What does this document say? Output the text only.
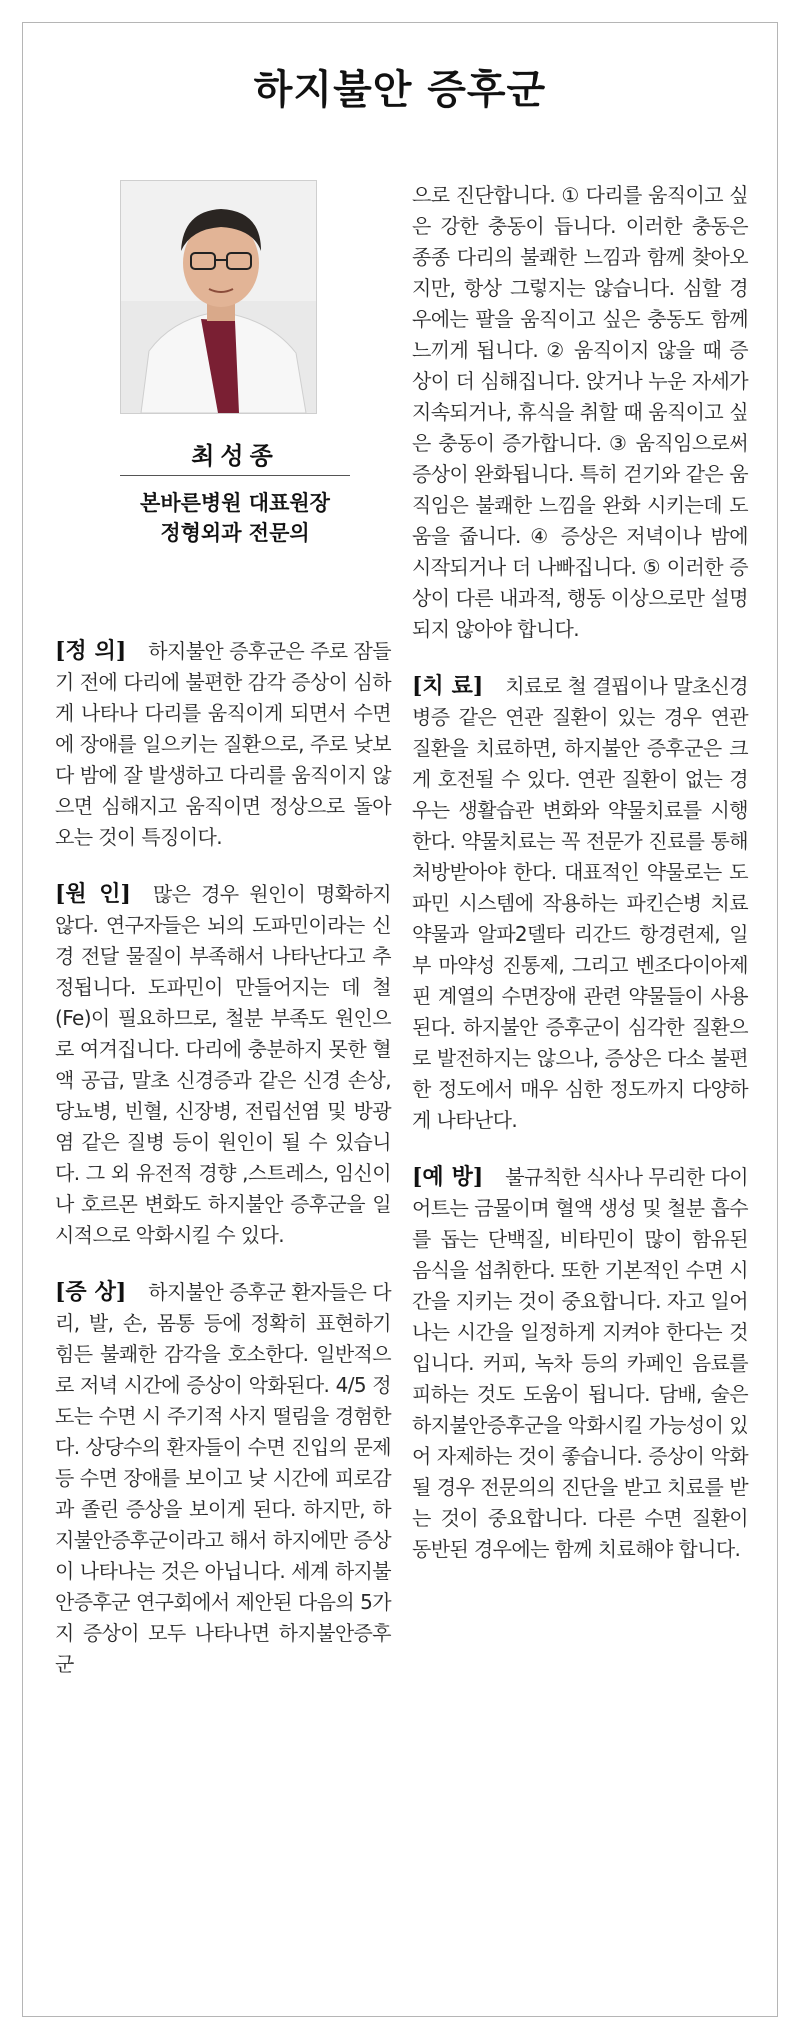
하지불안 증후군
최성종
본바른병원 대표원장
정형외과 전문의

[정 의] 하지불안 증후군은 주로 잠들기 전에 다리에 불편한 감각 증상이 심하게 나타나 다리를 움직이게 되면서 수면에 장애를 일으키는 질환으로, 주로 낮보다 밤에 잘 발생하고 다리를 움직이지 않으면 심해지고 움직이면 정상으로 돌아오는 것이 특징이다.

[원 인] 많은 경우 원인이 명확하지 않다. 연구자들은 뇌의 도파민이라는 신경 전달 물질이 부족해서 나타난다고 추정됩니다. 도파민이 만들어지는 데 철(Fe)이 필요하므로, 철분 부족도 원인으로 여겨집니다. 다리에 충분하지 못한 혈액 공급, 말초 신경증과 같은 신경 손상, 당뇨병, 빈혈, 신장병, 전립선염 및 방광염 같은 질병 등이 원인이 될 수 있습니다. 그 외 유전적 경향 ,스트레스, 임신이나 호르몬 변화도 하지불안 증후군을 일시적으로 악화시킬 수 있다.

[증 상] 하지불안 증후군 환자들은 다리, 발, 손, 몸통 등에 정확히 표현하기 힘든 불쾌한 감각을 호소한다. 일반적으로 저녁 시간에 증상이 악화된다. 4/5 정도는 수면 시 주기적 사지 떨림을 경험한다. 상당수의 환자들이 수면 진입의 문제 등 수면 장애를 보이고 낮 시간에 피로감과 졸린 증상을 보이게 된다. 하지만, 하지불안증후군이라고 해서 하지에만 증상이 나타나는 것은 아닙니다. 세계 하지불안증후군 연구회에서 제안된 다음의 5가지 증상이 모두 나타나면 하지불안증후군

으로 진단합니다. ① 다리를 움직이고 싶은 강한 충동이 듭니다. 이러한 충동은 종종 다리의 불쾌한 느낌과 함께 찾아오지만, 항상 그렇지는 않습니다. 심할 경우에는 팔을 움직이고 싶은 충동도 함께 느끼게 됩니다. ② 움직이지 않을 때 증상이 더 심해집니다. 앉거나 누운 자세가 지속되거나, 휴식을 취할 때 움직이고 싶은 충동이 증가합니다. ③ 움직임으로써 증상이 완화됩니다. 특히 걷기와 같은 움직임은 불쾌한 느낌을 완화 시키는데 도움을 줍니다. ④ 증상은 저녁이나 밤에 시작되거나 더 나빠집니다. ⑤ 이러한 증상이 다른 내과적, 행동 이상으로만 설명되지 않아야 합니다.

[치 료] 치료로 철 결핍이나 말초신경병증 같은 연관 질환이 있는 경우 연관 질환을 치료하면, 하지불안 증후군은 크게 호전될 수 있다. 연관 질환이 없는 경우는 생활습관 변화와 약물치료를 시행한다. 약물치료는 꼭 전문가 진료를 통해 처방받아야 한다. 대표적인 약물로는 도파민 시스템에 작용하는 파킨슨병 치료 약물과 알파2델타 리간드 항경련제, 일부 마약성 진통제, 그리고 벤조다이아제핀 계열의 수면장애 관련 약물들이 사용된다. 하지불안 증후군이 심각한 질환으로 발전하지는 않으나, 증상은 다소 불편한 정도에서 매우 심한 정도까지 다양하게 나타난다.

[예 방] 불규칙한 식사나 무리한 다이어트는 금물이며 혈액 생성 및 철분 흡수를 돕는 단백질, 비타민이 많이 함유된 음식을 섭취한다. 또한 기본적인 수면 시간을 지키는 것이 중요합니다. 자고 일어나는 시간을 일정하게 지켜야 한다는 것입니다. 커피, 녹차 등의 카페인 음료를 피하는 것도 도움이 됩니다. 담배, 술은 하지불안증후군을 악화시킬 가능성이 있어 자제하는 것이 좋습니다. 증상이 악화 될 경우 전문의의 진단을 받고 치료를 받는 것이 중요합니다. 다른 수면 질환이 동반된 경우에는 함께 치료해야 합니다.
